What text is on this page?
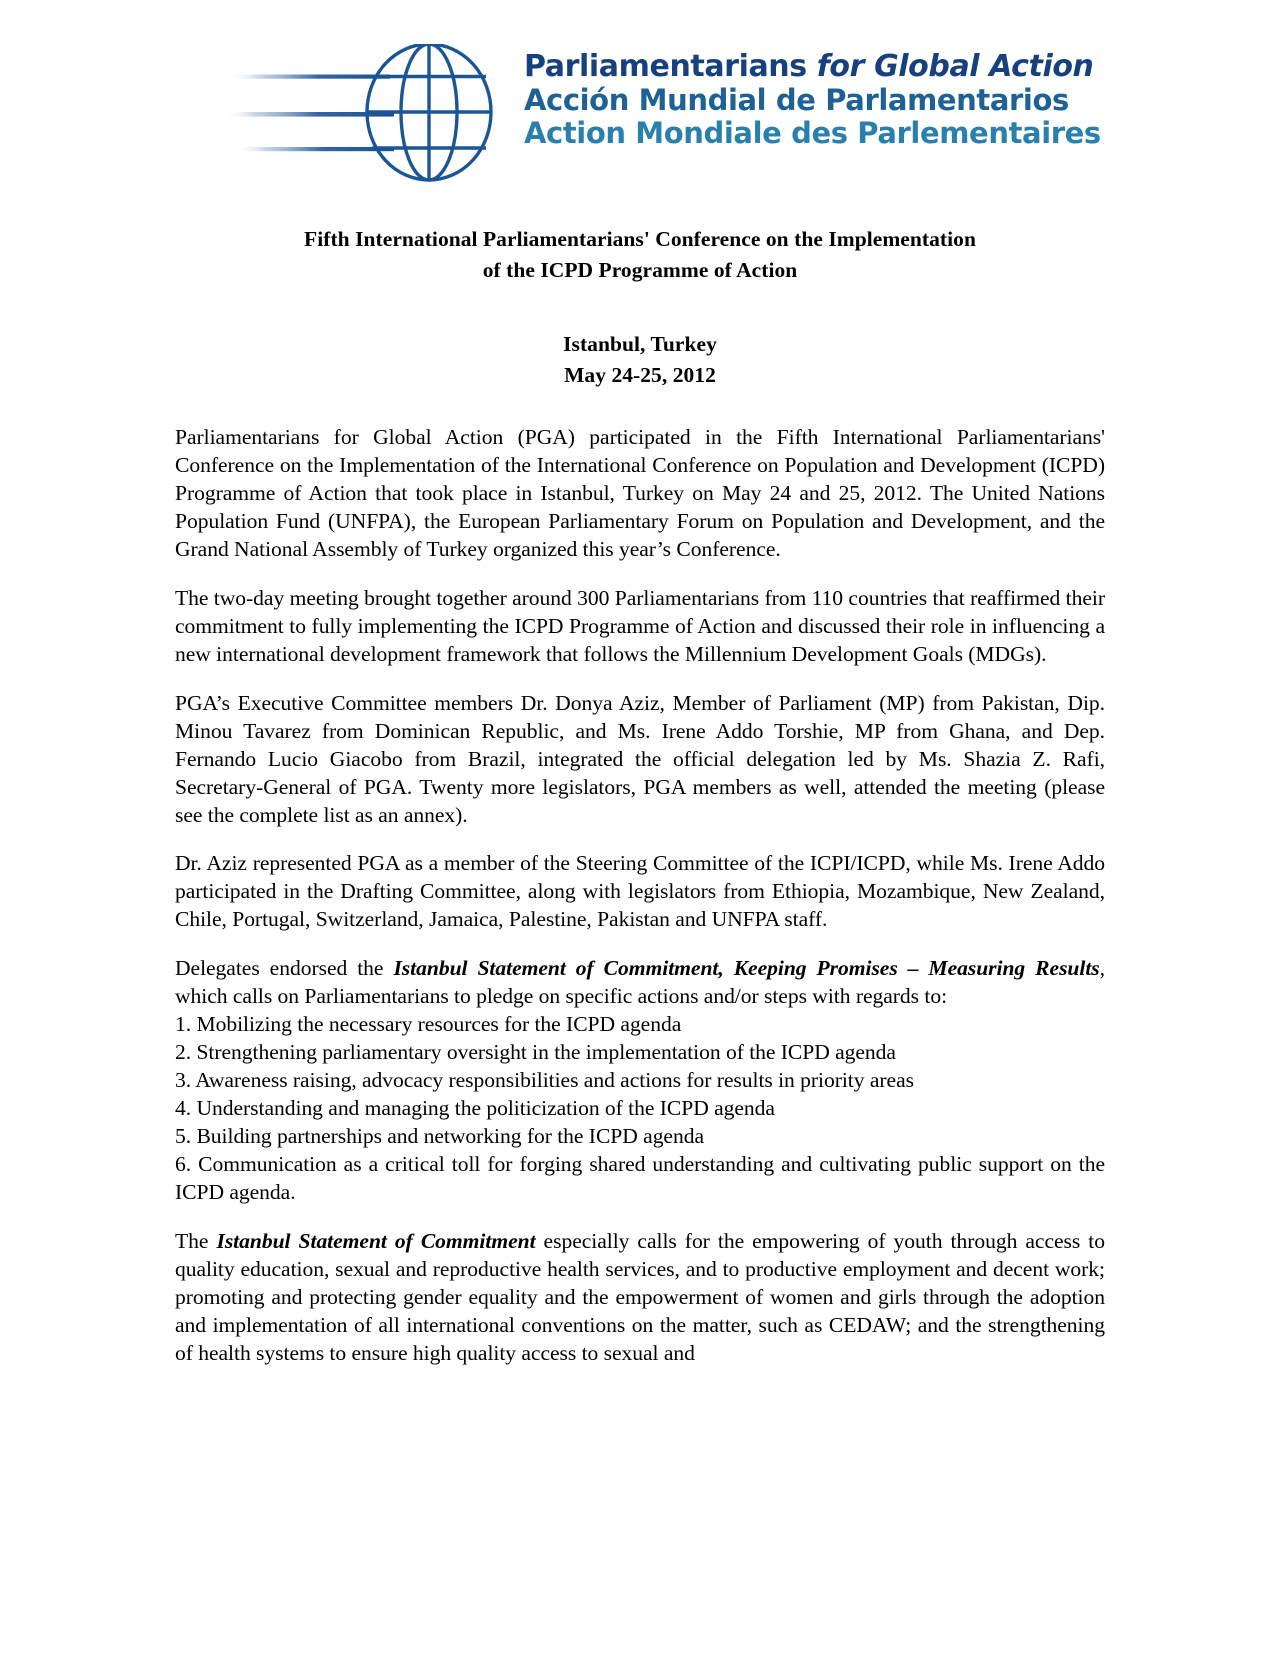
Parliamentarians for Global Action
Acción Mundial de Parlamentarios
Action Mondiale des Parlementaires
Fifth International Parliamentarians' Conference on the Implementation
of the ICPD Programme of Action
Istanbul, Turkey
May 24-25, 2012

Parliamentarians for Global Action (PGA) participated in the Fifth International Parliamentarians' Conference on the Implementation of the International Conference on Population and Development (ICPD) Programme of Action that took place in Istanbul, Turkey on May 24 and 25, 2012. The United Nations Population Fund (UNFPA), the European Parliamentary Forum on Population and Development, and the Grand National Assembly of Turkey organized this year’s Conference.

The two-day meeting brought together around 300 Parliamentarians from 110 countries that reaffirmed their commitment to fully implementing the ICPD Programme of Action and discussed their role in influencing a new international development framework that follows the Millennium Development Goals (MDGs).

PGA’s Executive Committee members Dr. Donya Aziz, Member of Parliament (MP) from Pakistan, Dip. Minou Tavarez from Dominican Republic, and Ms. Irene Addo Torshie, MP from Ghana, and Dep. Fernando Lucio Giacobo from Brazil, integrated the official delegation led by Ms. Shazia Z. Rafi, Secretary-General of PGA. Twenty more legislators, PGA members as well, attended the meeting (please see the complete list as an annex).

Dr. Aziz represented PGA as a member of the Steering Committee of the ICPI/ICPD, while Ms. Irene Addo participated in the Drafting Committee, along with legislators from Ethiopia, Mozambique, New Zealand, Chile, Portugal, Switzerland, Jamaica, Palestine, Pakistan and UNFPA staff.

Delegates endorsed the Istanbul Statement of Commitment, Keeping Promises – Measuring Results, which calls on Parliamentarians to pledge on specific actions and/or steps with regards to:

1. Mobilizing the necessary resources for the ICPD agenda

2. Strengthening parliamentary oversight in the implementation of the ICPD agenda

3. Awareness raising, advocacy responsibilities and actions for results in priority areas

4. Understanding and managing the politicization of the ICPD agenda

5. Building partnerships and networking for the ICPD agenda

6. Communication as a critical toll for forging shared understanding and cultivating public support on the ICPD agenda.

The Istanbul Statement of Commitment especially calls for the empowering of youth through access to quality education, sexual and reproductive health services, and to productive employment and decent work; promoting and protecting gender equality and the empowerment of women and girls through the adoption and implementation of all international conventions on the matter, such as CEDAW; and the strengthening of health systems to ensure high quality access to sexual and
